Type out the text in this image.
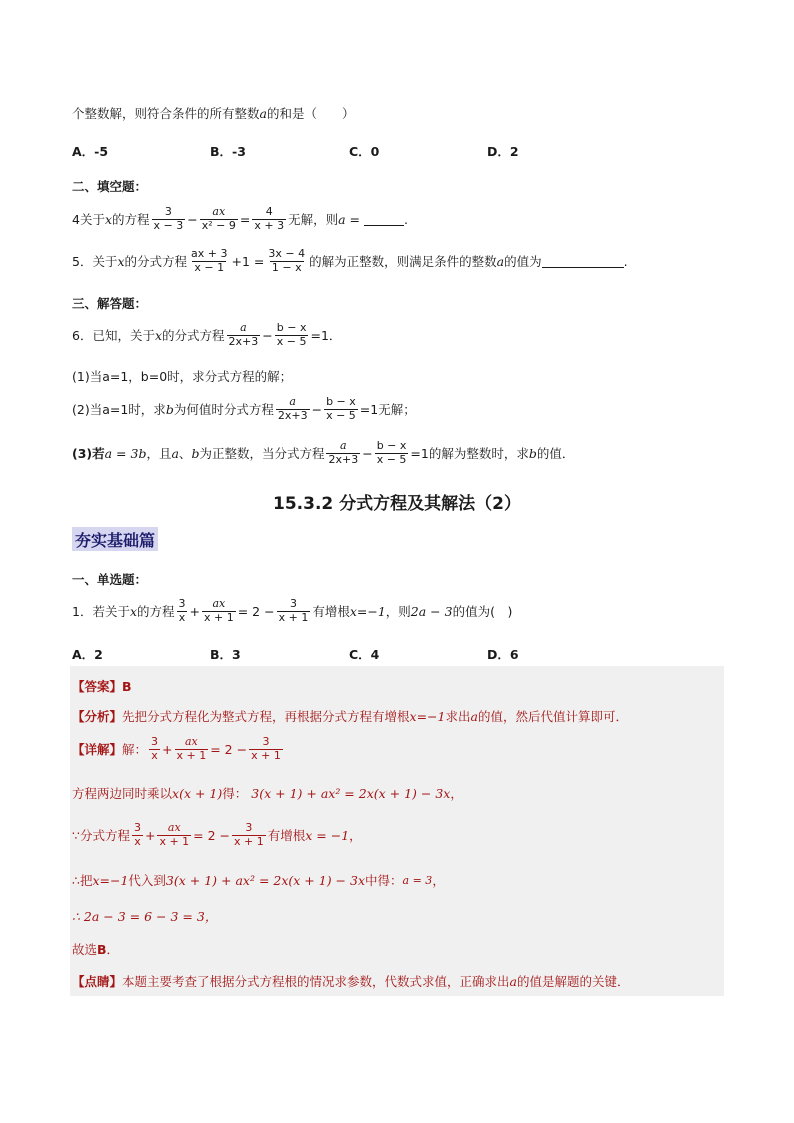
个整数解，则符合条件的所有整数 a 的和是（　　）
A．-5	B．-3	C．0	D．2
二、填空题：
4关于 x 的方程 $\frac{3}{x - 3} - \frac{ax}{\text{x² − 9}} = \frac{4}{x + 3}$ 无解，则 a =	.
5．关于 x 的分式方程 $\frac{ax + 3}{x - 1} +1 = \frac{3x - 4}{1 - x}$ 的解为正整数，则满足条件的整数 a 的值为	.
三、解答题：
6．已知，关于 x 的分式方程 $\frac{a}{2x+3} - \frac{b - x}{x - 5} =1$．
(1)当 a=1，b=0时，求分式方程的解；
(2)当 a=1时，求 b 为何值时分式方程 $\frac{a}{2x+3} - \frac{b - x}{x - 5} =1$无解；
(3)若 a = 3b ，且 a 、 b 为正整数，当分式方程 $\frac{a}{2x+3} - \frac{b - x}{x - 5} =1$的解为整数时，求 b 的值．
15.3.2 分式方程及其解法（2）
夯实基础篇
一、单选题：
1．若关于 x 的方程 $\frac{3}{x} + \frac{ax}{x + 1} = 2 - \frac{3}{x + 1}$ 有增根 x=−1 ，则 2a − 3 的值为(　)
A．2	B．3	C．4	D．6
【答案】 B
【分析】 先把分式方程化为整式方程，再根据分式方程有增根 x=−1 求出 a 的值，然后代值计算即可．
【详解】 解： $\frac{3}{x} + \frac{ax}{x + 1} = 2 - \frac{3}{x + 1}$
方程两边同时乘以 x(x + 1) 得： 3(x + 1) + ax² = 2x(x + 1) − 3x ，
∵分式方程 $\frac{3}{x} + \frac{ax}{x + 1} = 2 - \frac{3}{x + 1}$ 有增根 x = −1 ，
∴把 x=−1 代入到 3(x + 1) + ax² = 2x(x + 1) − 3x 中得： a = 3 ，
∴ 2a − 3 = 6 − 3 = 3，
故选 B ．
【点睛】 本题主要考查了根据分式方程根的情况求参数，代数式求值，正确求出 a 的值是解题的关键．
